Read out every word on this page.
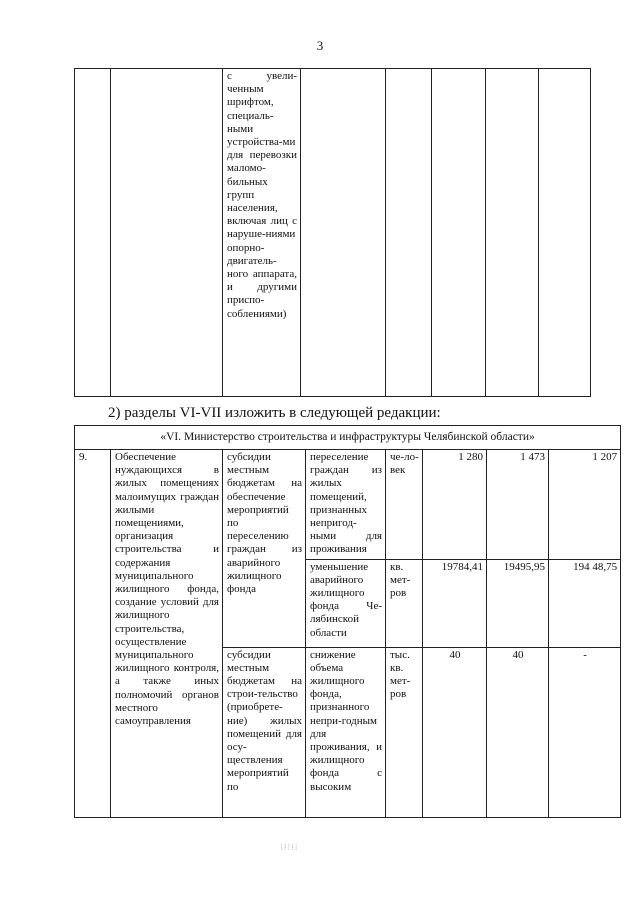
3

с увели-ченным шрифтом, специаль-ными устройства-ми для перевозки маломо-бильных групп населения, включая лиц с наруше-ниями опорно-двигатель-ного аппарата, и другими приспо-соблениями)

2) разделы VI-VII изложить в следующей редакции:
«VI. Министерство строительства и инфраструктуры Челябинской области»							
9.	Обеспечение нуждающихся в жилых помещениях малоимущих граждан жилыми помещениями, организация строительства и содержания муниципального жилищного фонда, создание условий для жилищного строительства, осуществление муниципального жилищного контроля, а также иных полномочий органов местного самоуправления	субсидии местным бюджетам на обеспечение мероприятий по переселению граждан из аварийного жилищного фонда	переселение граждан из жилых помещений, признанных непригод-ными для проживания	че-ло-век	1 280	1 473	1 207
			уменьшение аварийного жилищного фонда Че-лябинской области	кв. мет-ров	19784,41	19495,95	194 48,75
		субсидии местным бюджетам на строи-тельство (приобрете-ние) жилых помещений для осу-ществления мероприятий по	снижение объема жилищного фонда, признанного непри-годным для проживания, и жилищного фонда с высоким	тыс. кв. мет-ров	40	40	-
⁝⁞⁝⁞⁝
